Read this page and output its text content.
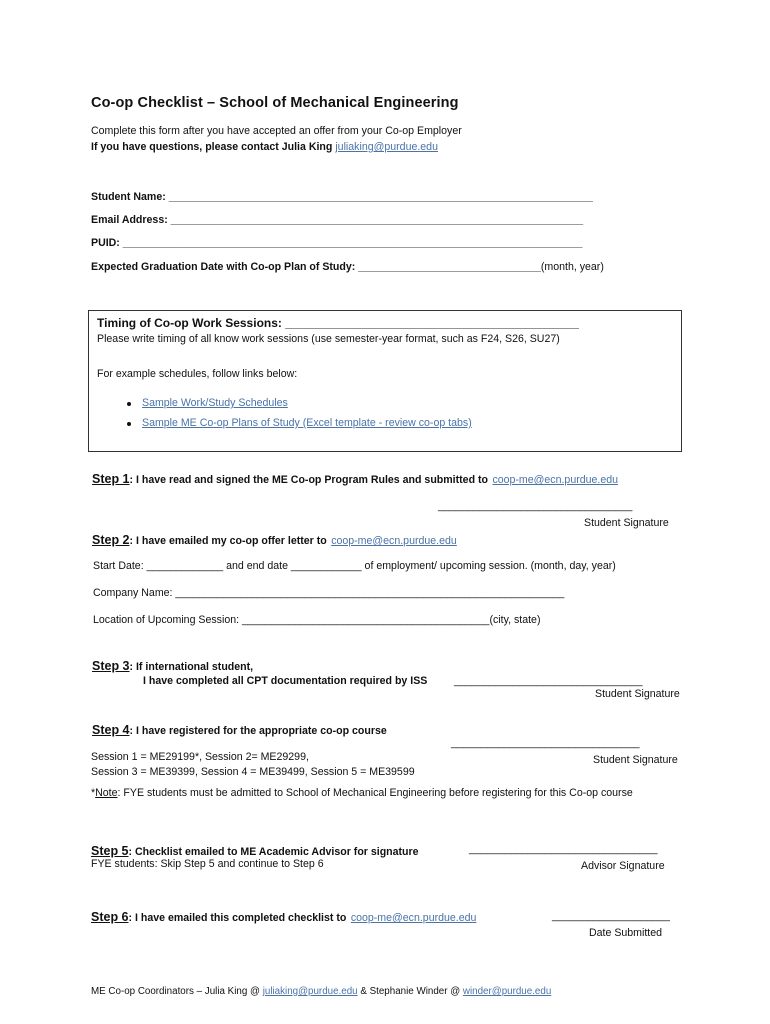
Co-op Checklist – School of Mechanical Engineering
Complete this form after you have accepted an offer from your Co-op Employer
If you have questions, please contact Julia King juliaking@purdue.edu
Student Name: ________________________________________________________________________
Email Address: ______________________________________________________________________
PUID: ______________________________________________________________________________
Expected Graduation Date with Co-op Plan of Study: _______________________________(month, year)
Timing of Co-op Work Sessions: ____________________________________________
Please write timing of all know work sessions (use semester-year format, such as F24, S26, SU27)
For example schedules, follow links below:
Sample Work/Study Schedules
Sample ME Co-op Plans of Study (Excel template - review co-op tabs)
Step 1: I have read and signed the ME Co-op Program Rules and submitted to coop-me@ecn.purdue.edu
_________________________________
Student Signature
Step 2: I have emailed my co-op offer letter to coop-me@ecn.purdue.edu
Start Date: _____________ and end date ____________ of employment/ upcoming session. (month, day, year)
Company Name: __________________________________________________________________
Location of Upcoming Session: __________________________________________(city, state)
Step 3: If international student,
I have completed all CPT documentation required by ISS	________________________________
Student Signature
Step 4: I have registered for the appropriate co-op course
________________________________
Session 1 = ME29199*, Session 2= ME29299,	Student Signature
Session 3 = ME39399, Session 4 = ME39499, Session 5 = ME39599
*Note: FYE students must be admitted to School of Mechanical Engineering before registering for this Co-op course
Step 5: Checklist emailed to ME Academic Advisor for signature	________________________________
FYE students: Skip Step 5 and continue to Step 6	Advisor Signature
Step 6: I have emailed this completed checklist to coop-me@ecn.purdue.edu	____________________
Date Submitted
ME Co-op Coordinators – Julia King @ juliaking@purdue.edu & Stephanie Winder @ winder@purdue.edu
